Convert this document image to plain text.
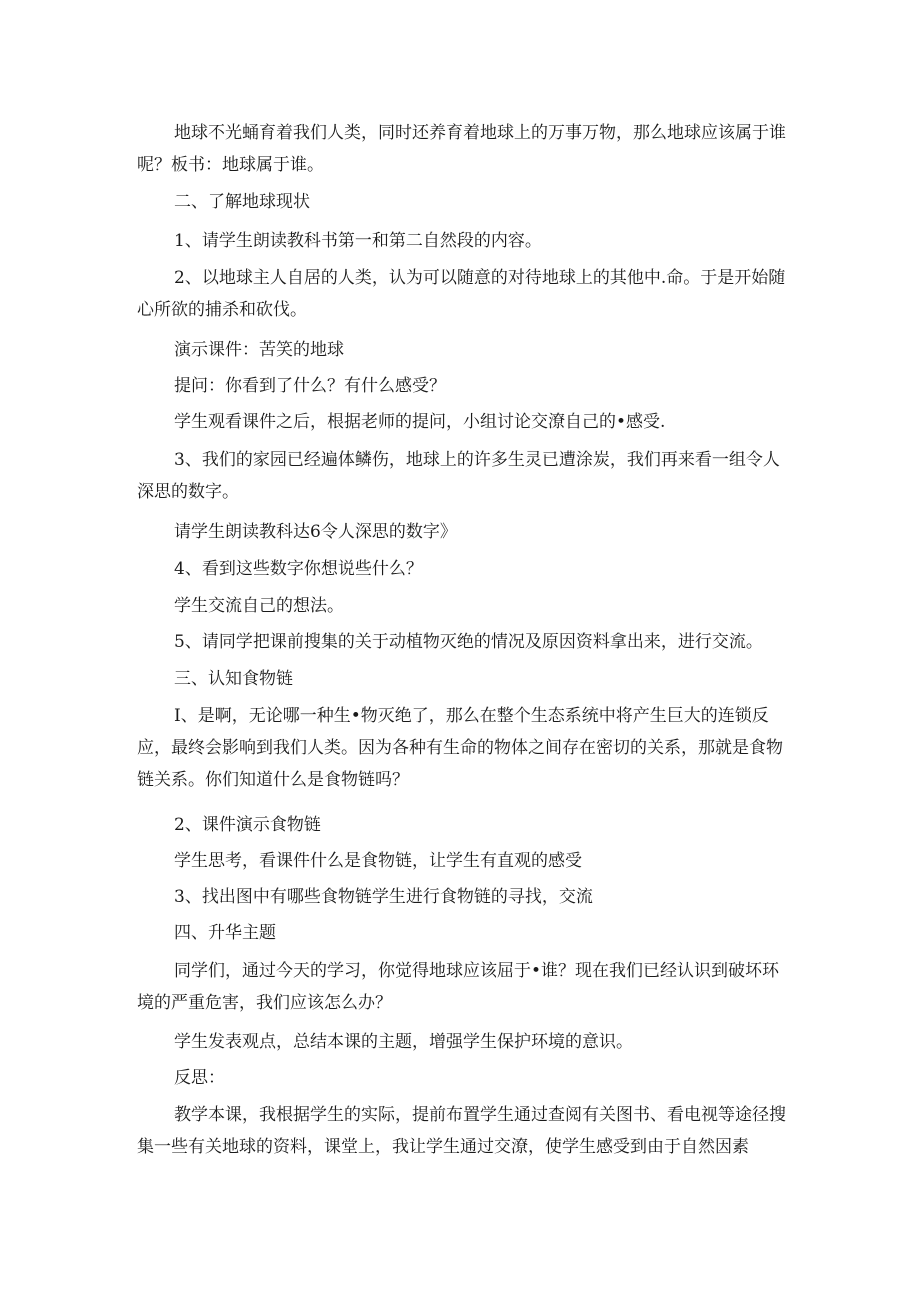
地球不光蛹育着我们人类，同时还养育着地球上的万事万物，那么地球应该属于谁呢？板书：地球属于谁。

二、了解地球现状

1、请学生朗读教科书第一和第二自然段的内容。

2、以地球主人自居的人类，认为可以随意的对待地球上的其他中.命。于是开始随心所欲的捕杀和砍伐。

演示课件：苦笑的地球

提问：你看到了什么？有什么感受？

学生观看课件之后，根据老师的提问，小组讨论交潦自己的•感受.

3、我们的家园已经遍体鳞伤，地球上的许多生灵已遭涂炭，我们再来看一组令人深思的数字。

请学生朗读教科达6令人深思的数字》

4、看到这些数字你想说些什么？

学生交流自己的想法。

5、请同学把课前搜集的关于动植物灭绝的情况及原因资料拿出来，进行交流。

三、认知食物链

I、是啊，无论哪一种生•物灭绝了，那么在整个生态系统中将产生巨大的连锁反应，最终会影响到我们人类。因为各种有生命的物体之间存在密切的关系，那就是食物链关系。你们知道什么是食物链吗？

2、课件演示食物链

学生思考，看课件什么是食物链，让学生有直观的感受

3、找出图中有哪些食物链学生进行食物链的寻找，交流

四、升华主题

同学们，通过今天的学习，你觉得地球应该屈于•谁？现在我们已经认识到破坏环境的严重危害，我们应该怎么办？

学生发表观点，总结本课的主题，增强学生保护环境的意识。

反思：

教学本课，我根据学生的实际，提前布置学生通过查阅有关图书、看电视等途径搜集一些有关地球的资料，课堂上，我让学生通过交潦，使学生感受到由于自然因素
